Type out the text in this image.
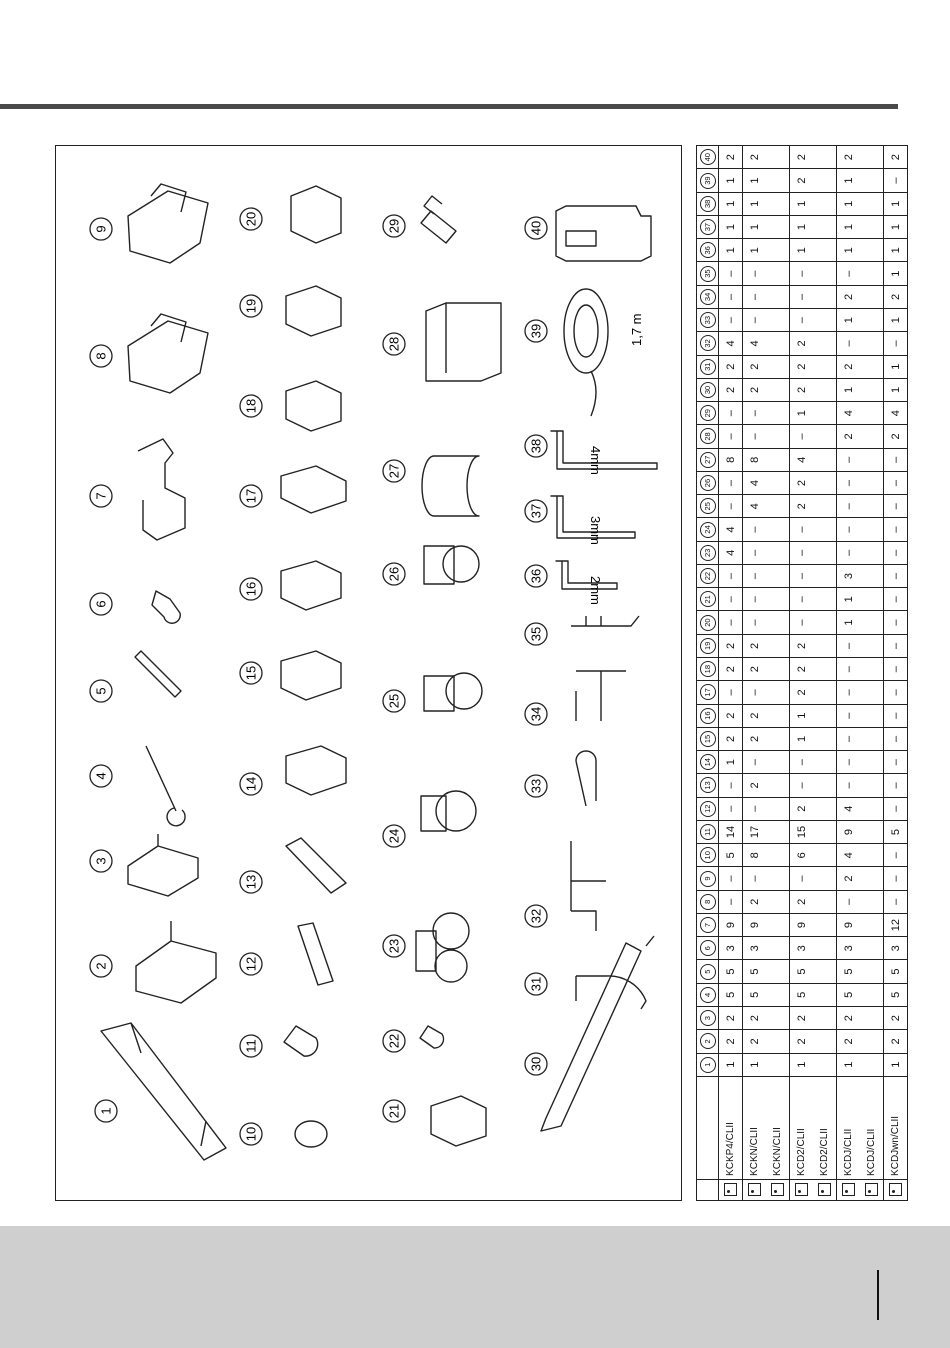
1
2
3
4
5
6
7
8
9
10
11
12
13
14
15
16
17
18
19
20
21
22
23
24
25
26
27
28
29
30
31
32
33
34
35
36
37
38
39
40
2mm
3mm
4mm
1,7 m
		1	2	3	4	5	6	7	8	9	10	11	12	13	14	15	16	17	18	19	20	21	22	23	24	25	26	27	28	29	30	31	32	33	34	35	36	37	38	39	40
	KCKP4/CLII	1	2	2	5	5	3	9	–	–	5	14	–	–	1	2	2	–	2	2	–	–	–	4	4	–	–	8	–	–	2	2	4	–	–	–	1	1	1	1	2
	KCKN/CLII	1	2	2	5	5	3	9	2	–	8	17	–	2	–	2	2	–	2	2	–	–	–	–	–	4	4	8	–	–	2	2	4	–	–	–	1	1	1	1	2
	KCKN/CLII																																								
	KCD2/CLII	1	2	2	5	5	3	9	2	–	6	15	2	–	–	1	1	2	2	2	–	–	–	–	–	2	2	4	–	1	2	2	2	–	–	–	1	1	1	2	2
	KCD2/CLII																																								
	KCDJ/CLII	1	2	2	5	5	3	9	–	2	4	9	4	–	–	–	–	–	–	–	1	1	3	–	–	–	–	–	2	4	1	2	–	1	2	–	1	1	1	1	2
	KCDJ/CLII																																								
	KCDJwn/CLII	1	2	2	5	5	3	12	–	–	–	5	–	–	–	–	–	–	–	–	–	–	–	–	–	–	–	–	2	4	1	1	–	1	2	1	1	1	1	–	2
